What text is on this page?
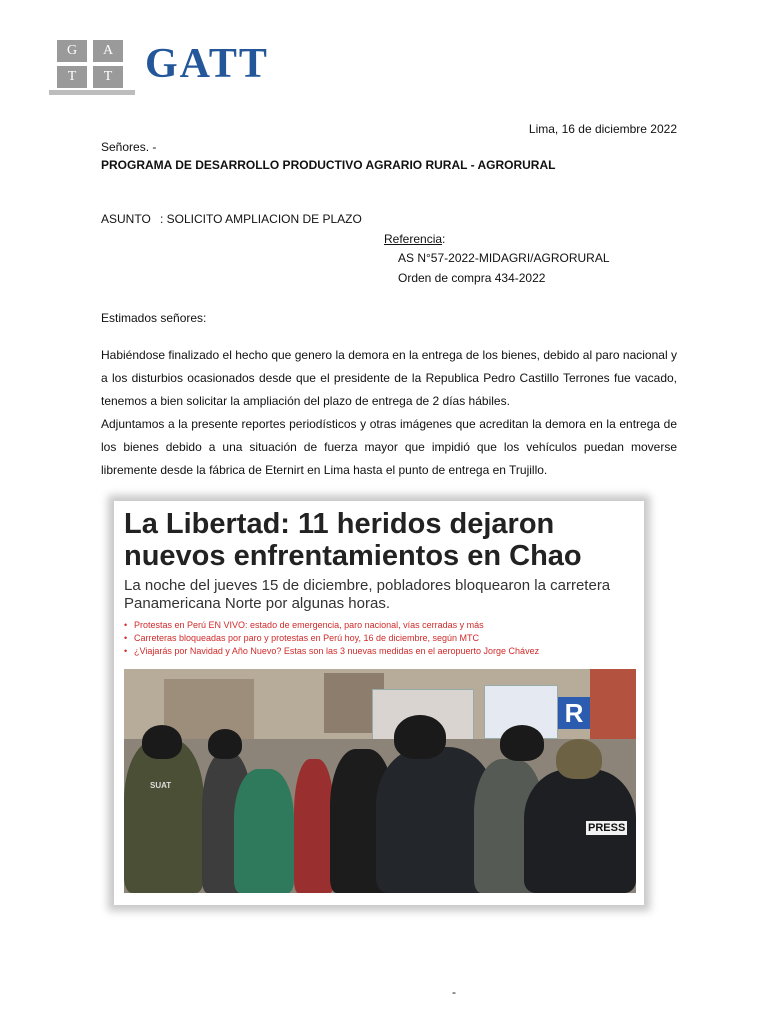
G	A
T	T GATT
Lima, 16 de diciembre 2022
Señores. -
PROGRAMA DE DESARROLLO PRODUCTIVO AGRARIO RURAL - AGRORURAL
ASUNTO : SOLICITO AMPLIACION DE PLAZO
Referencia:
AS N°57-2022-MIDAGRI/AGRORURAL
Orden de compra 434-2022
Estimados señores:
Habiéndose finalizado el hecho que genero la demora en la entrega de los bienes, debido al paro nacional y a los disturbios ocasionados desde que el presidente de la Republica Pedro Castillo Terrones fue vacado, tenemos a bien solicitar la ampliación del plazo de entrega de 2 días hábiles.
Adjuntamos a la presente reportes periodísticos y otras imágenes que acreditan la demora en la entrega de los bienes debido a una situación de fuerza mayor que impidió que los vehículos puedan moverse libremente desde la fábrica de Eternirt en Lima hasta el punto de entrega en Trujillo.
La Libertad: 11 heridos dejaron nuevos enfrentamientos en Chao
La noche del jueves 15 de diciembre, pobladores bloquearon la carretera Panamericana Norte por algunas horas.
• Protestas en Perú EN VIVO: estado de emergencia, paro nacional, vías cerradas y más
• Carreteras bloqueadas por paro y protestas en Perú hoy, 16 de diciembre, según MTC
• ¿Viajarás por Navidad y Año Nuevo? Estas son las 3 nuevas medidas en el aeropuerto Jorge Chávez
R
SUAT
PRESS
-
